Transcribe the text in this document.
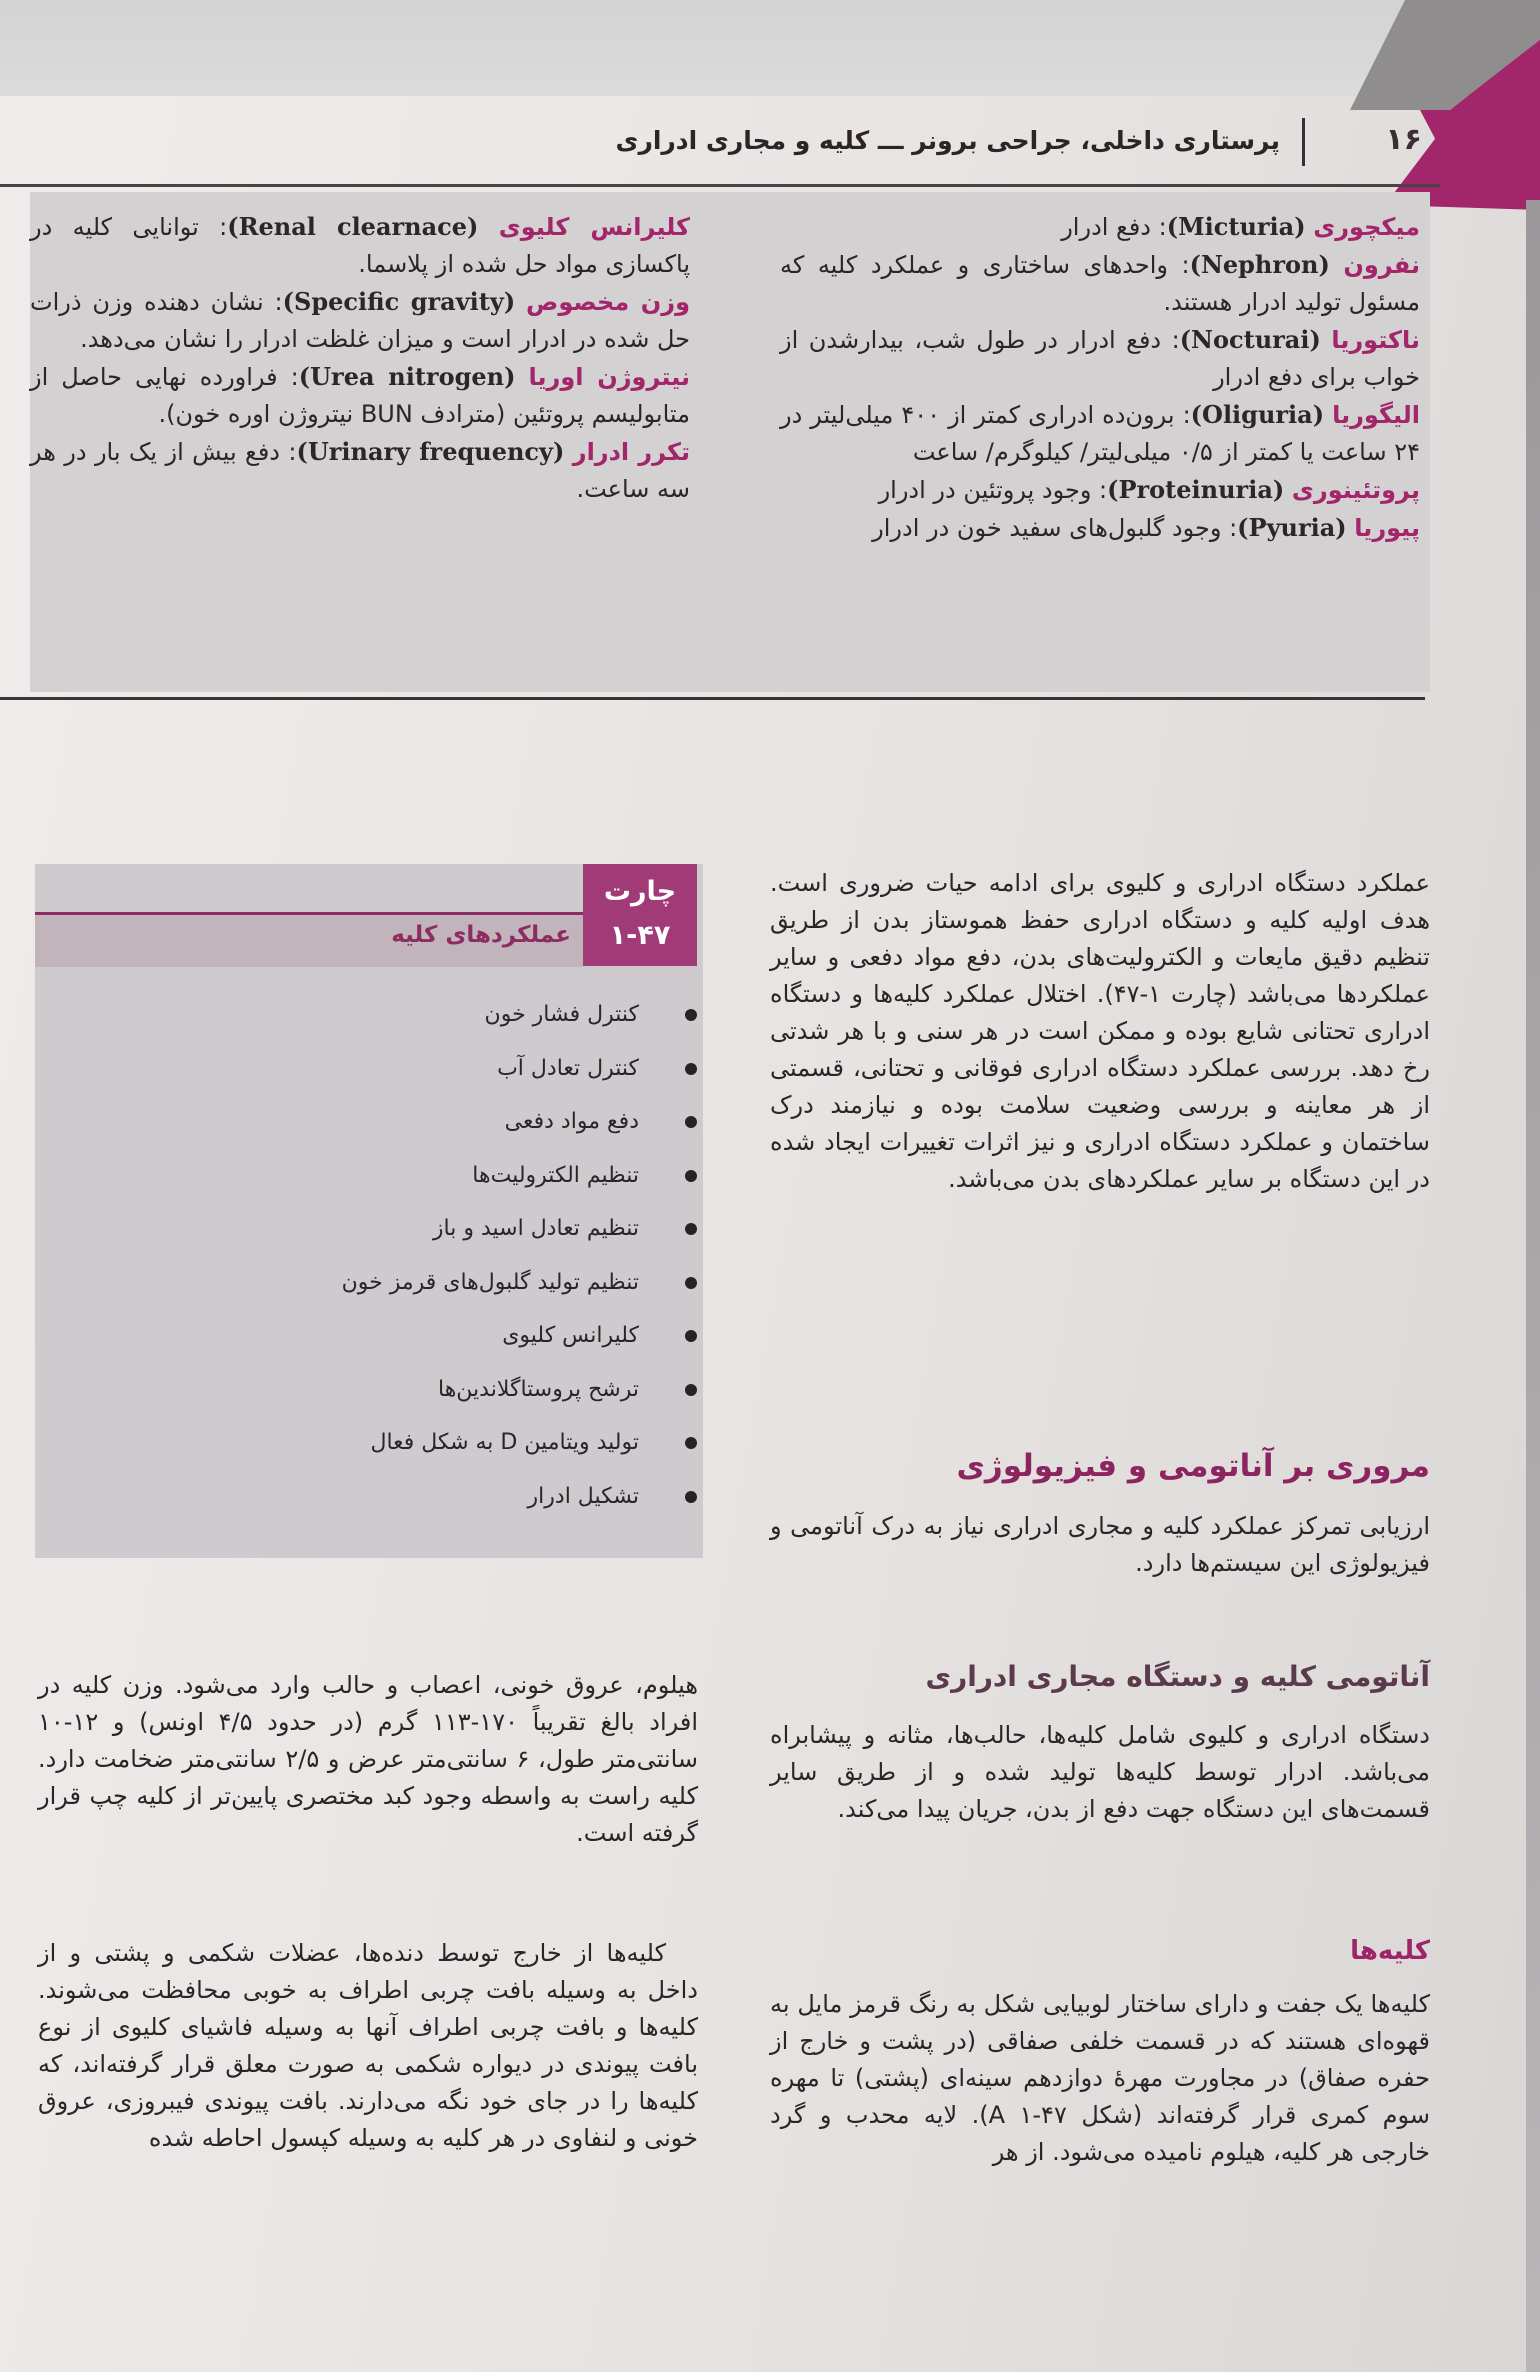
۱۶
پرستاری داخلی، جراحی برونر ـــ کلیه و مجاری ادراری

میکچوری (Micturia): دفع ادرار

نفرون (Nephron): واحدهای ساختاری و عملکرد کلیه که مسئول تولید ادرار هستند.

ناکتوریا (Nocturai): دفع ادرار در طول شب، بیدارشدن از خواب برای دفع ادرار

الیگوریا (Oliguria): برون‌ده ادراری کمتر از ۴۰۰ میلی‌لیتر در ۲۴ ساعت یا کمتر از ۰/۵ میلی‌لیتر/ کیلوگرم/ ساعت

پروتئینوری (Proteinuria): وجود پروتئین در ادرار

پیوریا (Pyuria): وجود گلبول‌های سفید خون در ادرار

کلیرانس کلیوی (Renal clearnace): توانایی کلیه در پاکسازی مواد حل شده از پلاسما.

وزن مخصوص (Specific gravity): نشان دهنده وزن ذرات حل شده در ادرار است و میزان غلظت ادرار را نشان می‌دهد.

نیتروژن اوریا (Urea nitrogen): فراورده نهایی حاصل از متابولیسم پروتئین (مترادف BUN نیتروژن اوره خون).

تکرر ادرار (Urinary frequency): دفع بیش از یک بار در هر سه ساعت.

عملکرد دستگاه ادراری و کلیوی برای ادامه حیات ضروری است. هدف اولیه کلیه و دستگاه ادراری حفظ هموستاز بدن از طریق تنظیم دقیق مایعات و الکترولیت‌های بدن، دفع مواد دفعی و سایر عملکردها می‌باشد (چارت ۱-۴۷). اختلال عملکرد کلیه‌ها و دستگاه ادراری تحتانی شایع بوده و ممکن است در هر سنی و با هر شدتی رخ دهد. بررسی عملکرد دستگاه ادراری فوقانی و تحتانی، قسمتی از هر معاینه و بررسی وضعیت سلامت بوده و نیازمند درک ساختمان و عملکرد دستگاه ادراری و نیز اثرات تغییرات ایجاد شده در این دستگاه بر سایر عملکردهای بدن می‌باشد.

چارت
۱-۴۷
عملکردهای کلیه
کنترل فشار خون
کنترل تعادل آب
دفع مواد دفعی
تنظیم الکترولیت‌ها
تنظیم تعادل اسید و باز
تنظیم تولید گلبول‌های قرمز خون
کلیرانس کلیوی
ترشح پروستاگلاندین‌ها
تولید ویتامین D به شکل فعال
تشکیل ادرار
مروری بر آناتومی و فیزیولوژی

ارزیابی تمرکز عملکرد کلیه و مجاری ادراری نیاز به درک آناتومی و فیزیولوژی این سیستم‌ها دارد.

آناتومی کلیه و دستگاه مجاری ادراری

دستگاه ادراری و کلیوی شامل کلیه‌ها، حالب‌ها، مثانه و پیشابراه می‌باشد. ادرار توسط کلیه‌ها تولید شده و از طریق سایر قسمت‌های این دستگاه جهت دفع از بدن، جریان پیدا می‌کند.

کلیه‌ها

کلیه‌ها یک جفت و دارای ساختار لوبیایی شکل به رنگ قرمز مایل به قهوه‌ای هستند که در قسمت خلفی صفاقی (در پشت و خارج از حفره صفاق) در مجاورت مهرهٔ دوازدهم سینه‌ای (پشتی) تا مهره سوم کمری قرار گرفته‌اند (شکل A ۱-۴۷). لایه محدب و گرد خارجی هر کلیه، هیلوم نامیده می‌شود. از هر

هیلوم، عروق خونی، اعصاب و حالب وارد می‌شود. وزن کلیه در افراد بالغ تقریباً ۱۷۰-۱۱۳ گرم (در حدود ۴/۵ اونس) و ۱۲-۱۰ سانتی‌متر طول، ۶ سانتی‌متر عرض و ۲/۵ سانتی‌متر ضخامت دارد. کلیه راست به واسطه وجود کبد مختصری پایین‌تر از کلیه چپ قرار گرفته است.

کلیه‌ها از خارج توسط دنده‌ها، عضلات شکمی و پشتی و از داخل به وسیله بافت چربی اطراف به خوبی محافظت می‌شوند. کلیه‌ها و بافت چربی اطراف آنها به وسیله فاشیای کلیوی از نوع بافت پیوندی در دیواره شکمی به صورت معلق قرار گرفته‌اند، که کلیه‌ها را در جای خود نگه می‌دارند. بافت پیوندی فیبروزی، عروق خونی و لنفاوی در هر کلیه به وسیله کپسول احاطه شده
